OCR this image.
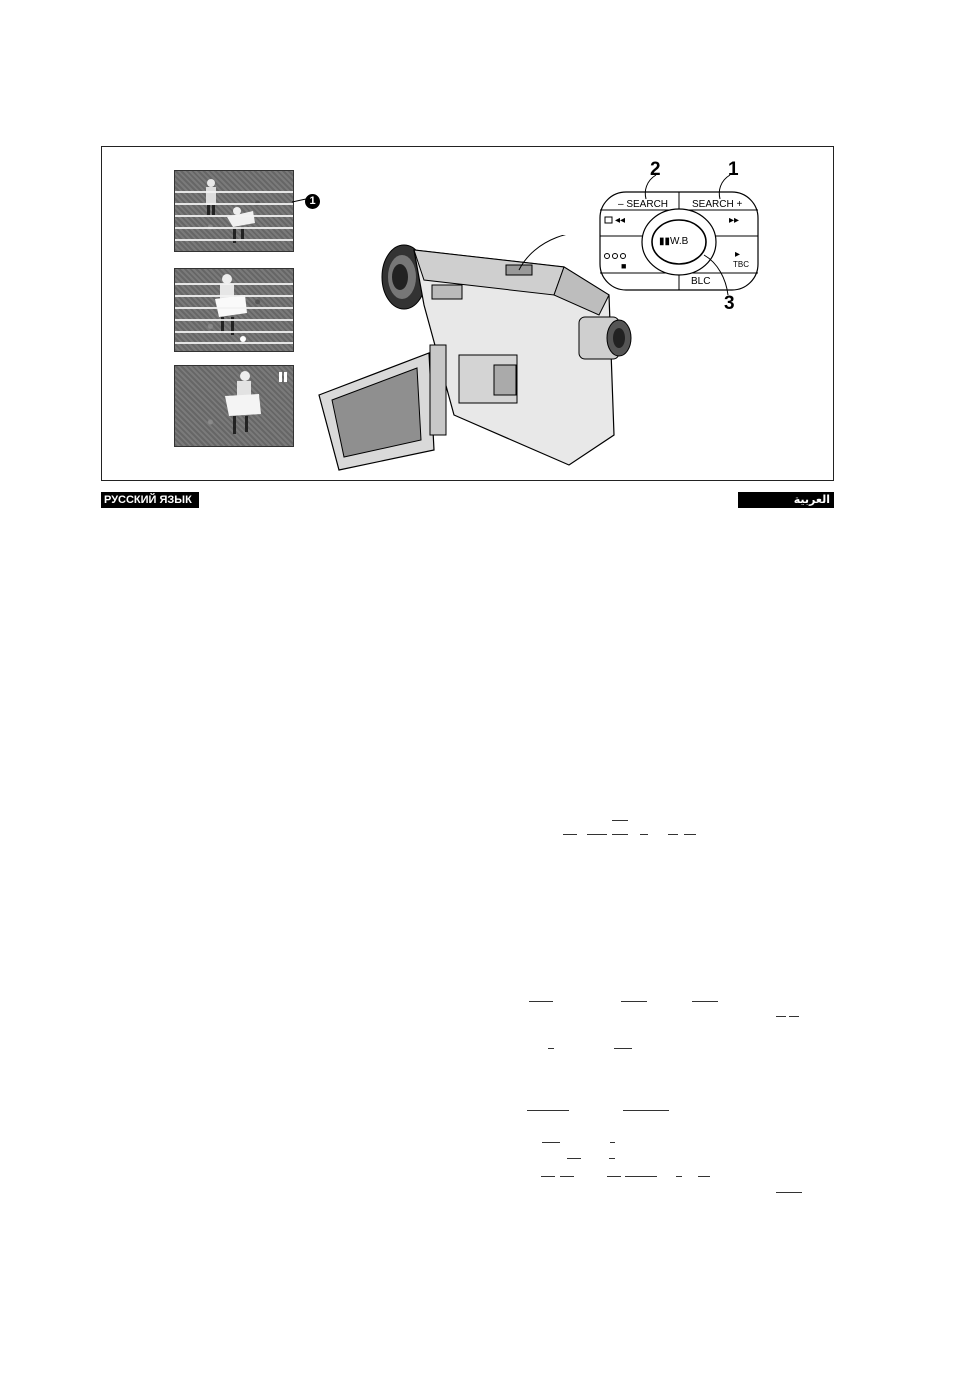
1	– SEARCH SEARCH +
◂◂	▸▸
▮▮W.B
▸
TBC
■
BLC
2	1
3
РУССКИЙ ЯЗЫК	العربية
